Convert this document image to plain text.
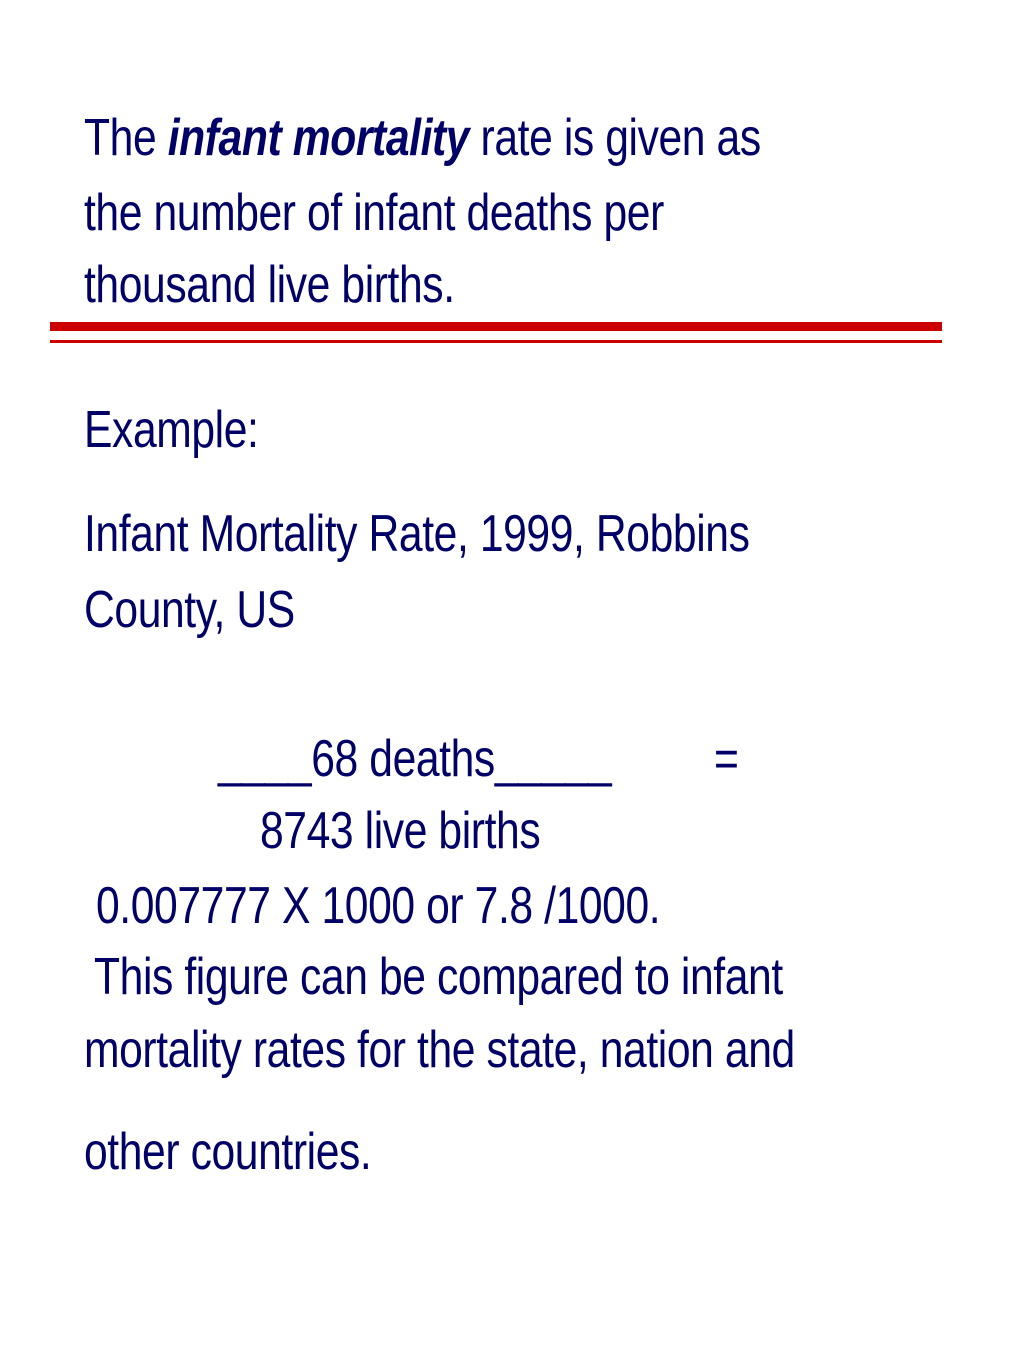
The infant mortality rate is given as
the number of infant deaths per
thousand live births.
Example:
Infant Mortality Rate, 1999, Robbins
County, US
____68 deaths_____ =
8743 live births
0.007777 X 1000 or 7.8 /1000.
This figure can be compared to infant
mortality rates for the state, nation and
other countries.
